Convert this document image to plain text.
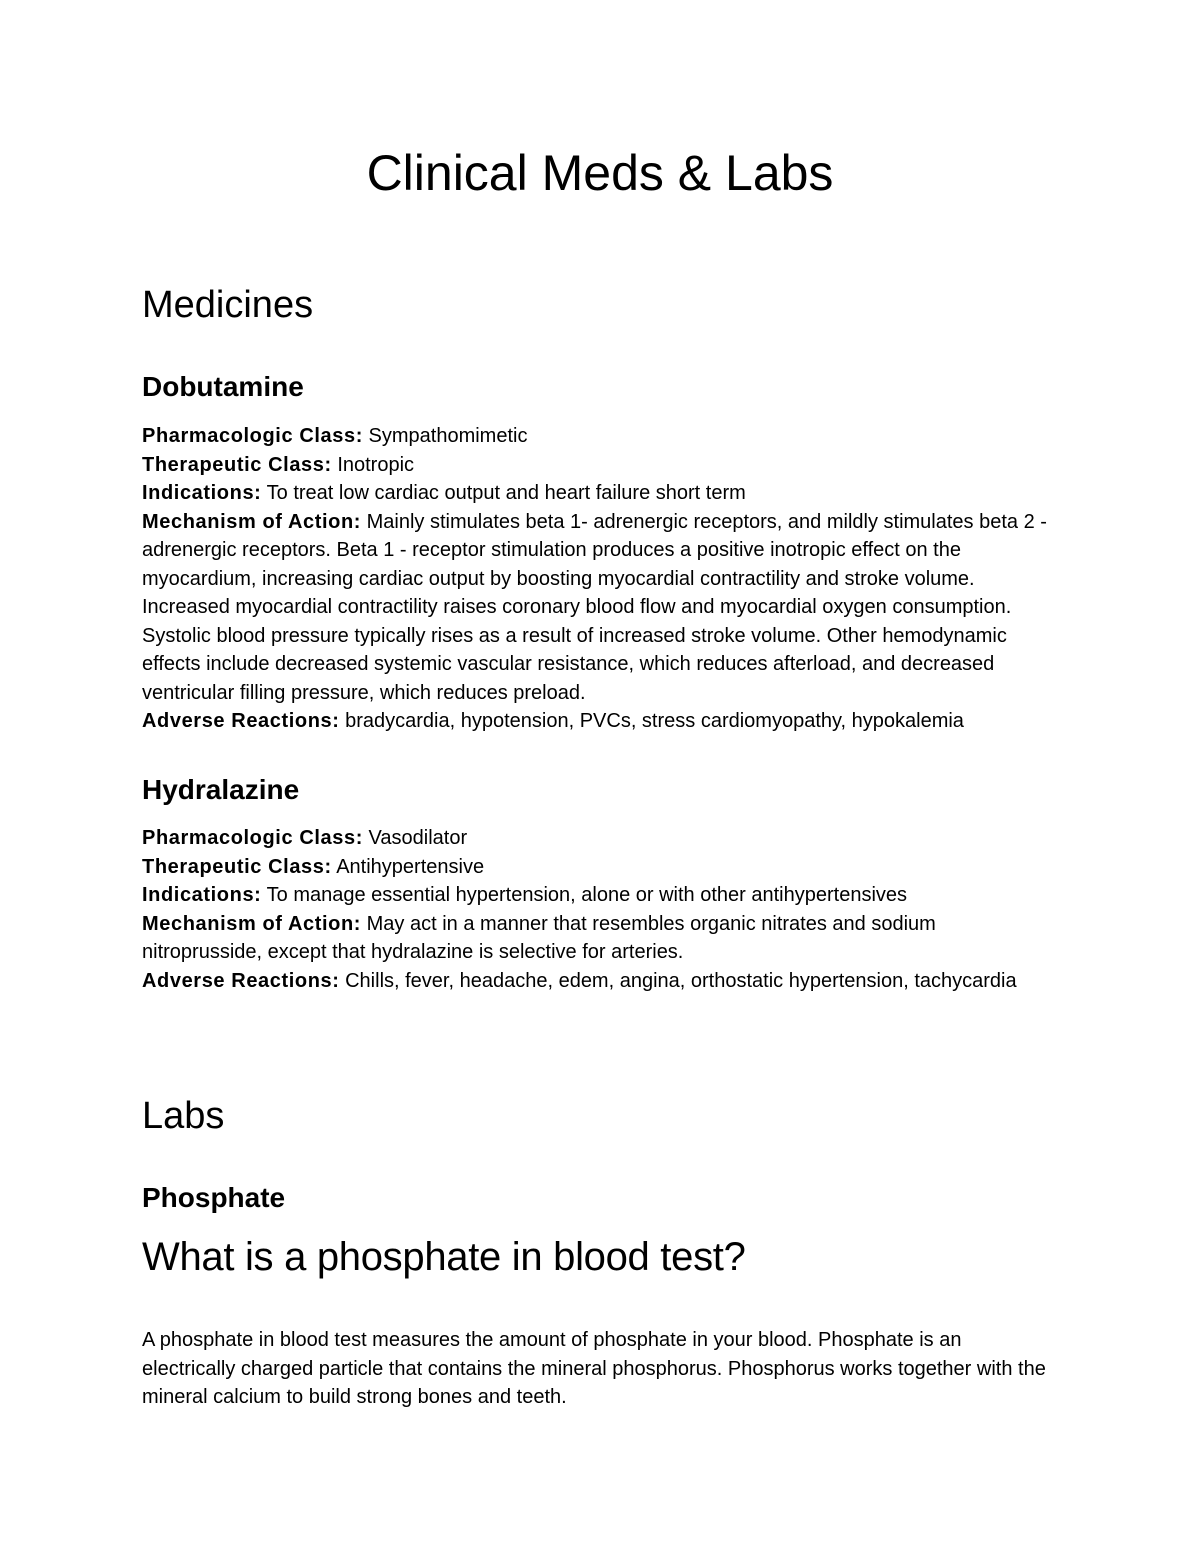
Clinical Meds & Labs
Medicines
Dobutamine

Pharmacologic Class: Sympathomimetic

Therapeutic Class: Inotropic

Indications: To treat low cardiac output and heart failure short term

Mechanism of Action: Mainly stimulates beta 1- adrenergic receptors, and mildly stimulates beta 2 - adrenergic receptors. Beta 1 - receptor stimulation produces a positive inotropic effect on the myocardium, increasing cardiac output by boosting myocardial contractility and stroke volume. Increased myocardial contractility raises coronary blood flow and myocardial oxygen consumption. Systolic blood pressure typically rises as a result of increased stroke volume. Other hemodynamic effects include decreased systemic vascular resistance, which reduces afterload, and decreased ventricular filling pressure, which reduces preload.

Adverse Reactions: bradycardia, hypotension, PVCs, stress cardiomyopathy, hypokalemia

Hydralazine

Pharmacologic Class: Vasodilator

Therapeutic Class: Antihypertensive

Indications: To manage essential hypertension, alone or with other antihypertensives

Mechanism of Action: May act in a manner that resembles organic nitrates and sodium nitroprusside, except that hydralazine is selective for arteries.

Adverse Reactions: Chills, fever, headache, edem, angina, orthostatic hypertension, tachycardia

Labs
Phosphate
What is a phosphate in blood test?

A phosphate in blood test measures the amount of phosphate in your blood. Phosphate is an electrically charged particle that contains the mineral phosphorus. Phosphorus works together with the mineral calcium to build strong bones and teeth.
